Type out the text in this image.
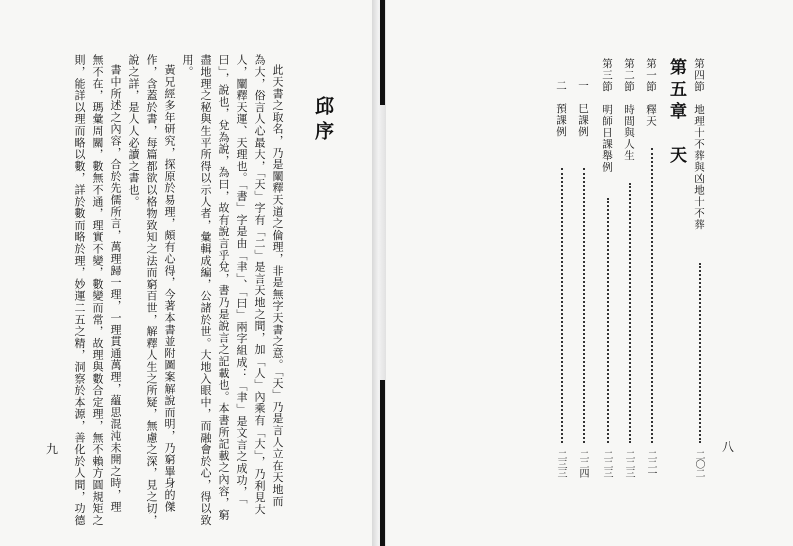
邱序
此天書之取名，乃是闡釋天道之倫理，非是無字天書之意。「天」乃是言人立在天地而
為大，俗言人心最大，「天」字有「二」是言天地之間，加「人」內乘有「大」，乃利見大
人，闡釋天運、天理也。「書」字是由「聿」、「曰」兩字組成：「聿」是文言之成功，「
曰」，說也，兌為說，為曰，故有說言乎兌，書乃是說言之記載也。本書所記載之內容，窮
盡地理之秘與生平所得以示人者，彙輯成編，公諸於世。大地入眼中，而融會於心，得以致
用。
黃兄經多年研究，探原於易理，頗有心得，今著本書並附圖案解說而明，乃窮畢身的傑
作，含蓋於書，每篇都欲以格物致知之法而窮百世，解釋人生之所疑，無慮之深，見之切，
說之詳，是人人必讀之書也。
書中所述之內容，合於先儒所言，萬理歸一理，一理貫通萬理，蘊思混沌未開之時，理
無不在，瑪彙周關，數無不通，理實不變，數變而常，故理與數合定理，無不賴方圓規矩之
則，能詳以理而略以數，詳於數而略於理，妙運二五之精，洞察於本源，善化於人間，功德
九
第四節　地理十不葬與凶地十不葬
二〇二
第五章　天
第一節　釋天
二二一
第二節　時間與人生
二二三
第三節　明師日課舉例
二二三
一　巳課例
二二四
二　預課例
二三三
八
